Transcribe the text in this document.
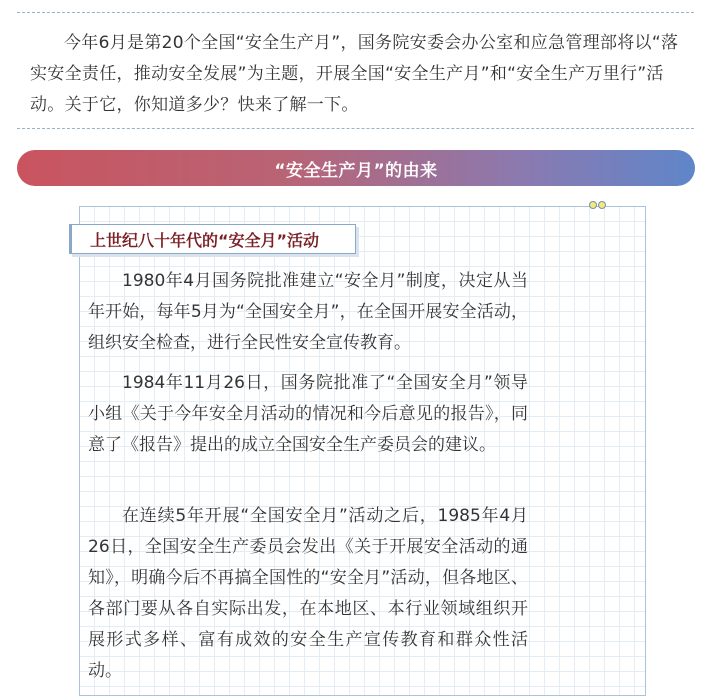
今年6月是第20个全国“安全生产月”，国务院安委会办公室和应急管理部将以“落实安全责任，推动安全发展”为主题，开展全国“安全生产月”和“安全生产万里行”活动。关于它，你知道多少？快来了解一下。

“安全生产月”的由来
上世纪八十年代的“安全月”活动

1980年4月国务院批准建立“安全月”制度，决定从当年开始，每年5月为“全国安全月”，在全国开展安全活动，组织安全检查，进行全民性安全宣传教育。

1984年11月26日，国务院批准了“全国安全月”领导小组《关于今年安全月活动的情况和今后意见的报告》，同意了《报告》提出的成立全国安全生产委员会的建议。

在连续5年开展“全国安全月”活动之后，1985年4月26日，全国安全生产委员会发出《关于开展安全活动的通知》，明确今后不再搞全国性的“安全月”活动，但各地区、各部门要从各自实际出发，在本地区、本行业领域组织开展形式多样、富有成效的安全生产宣传教育和群众性活动。
